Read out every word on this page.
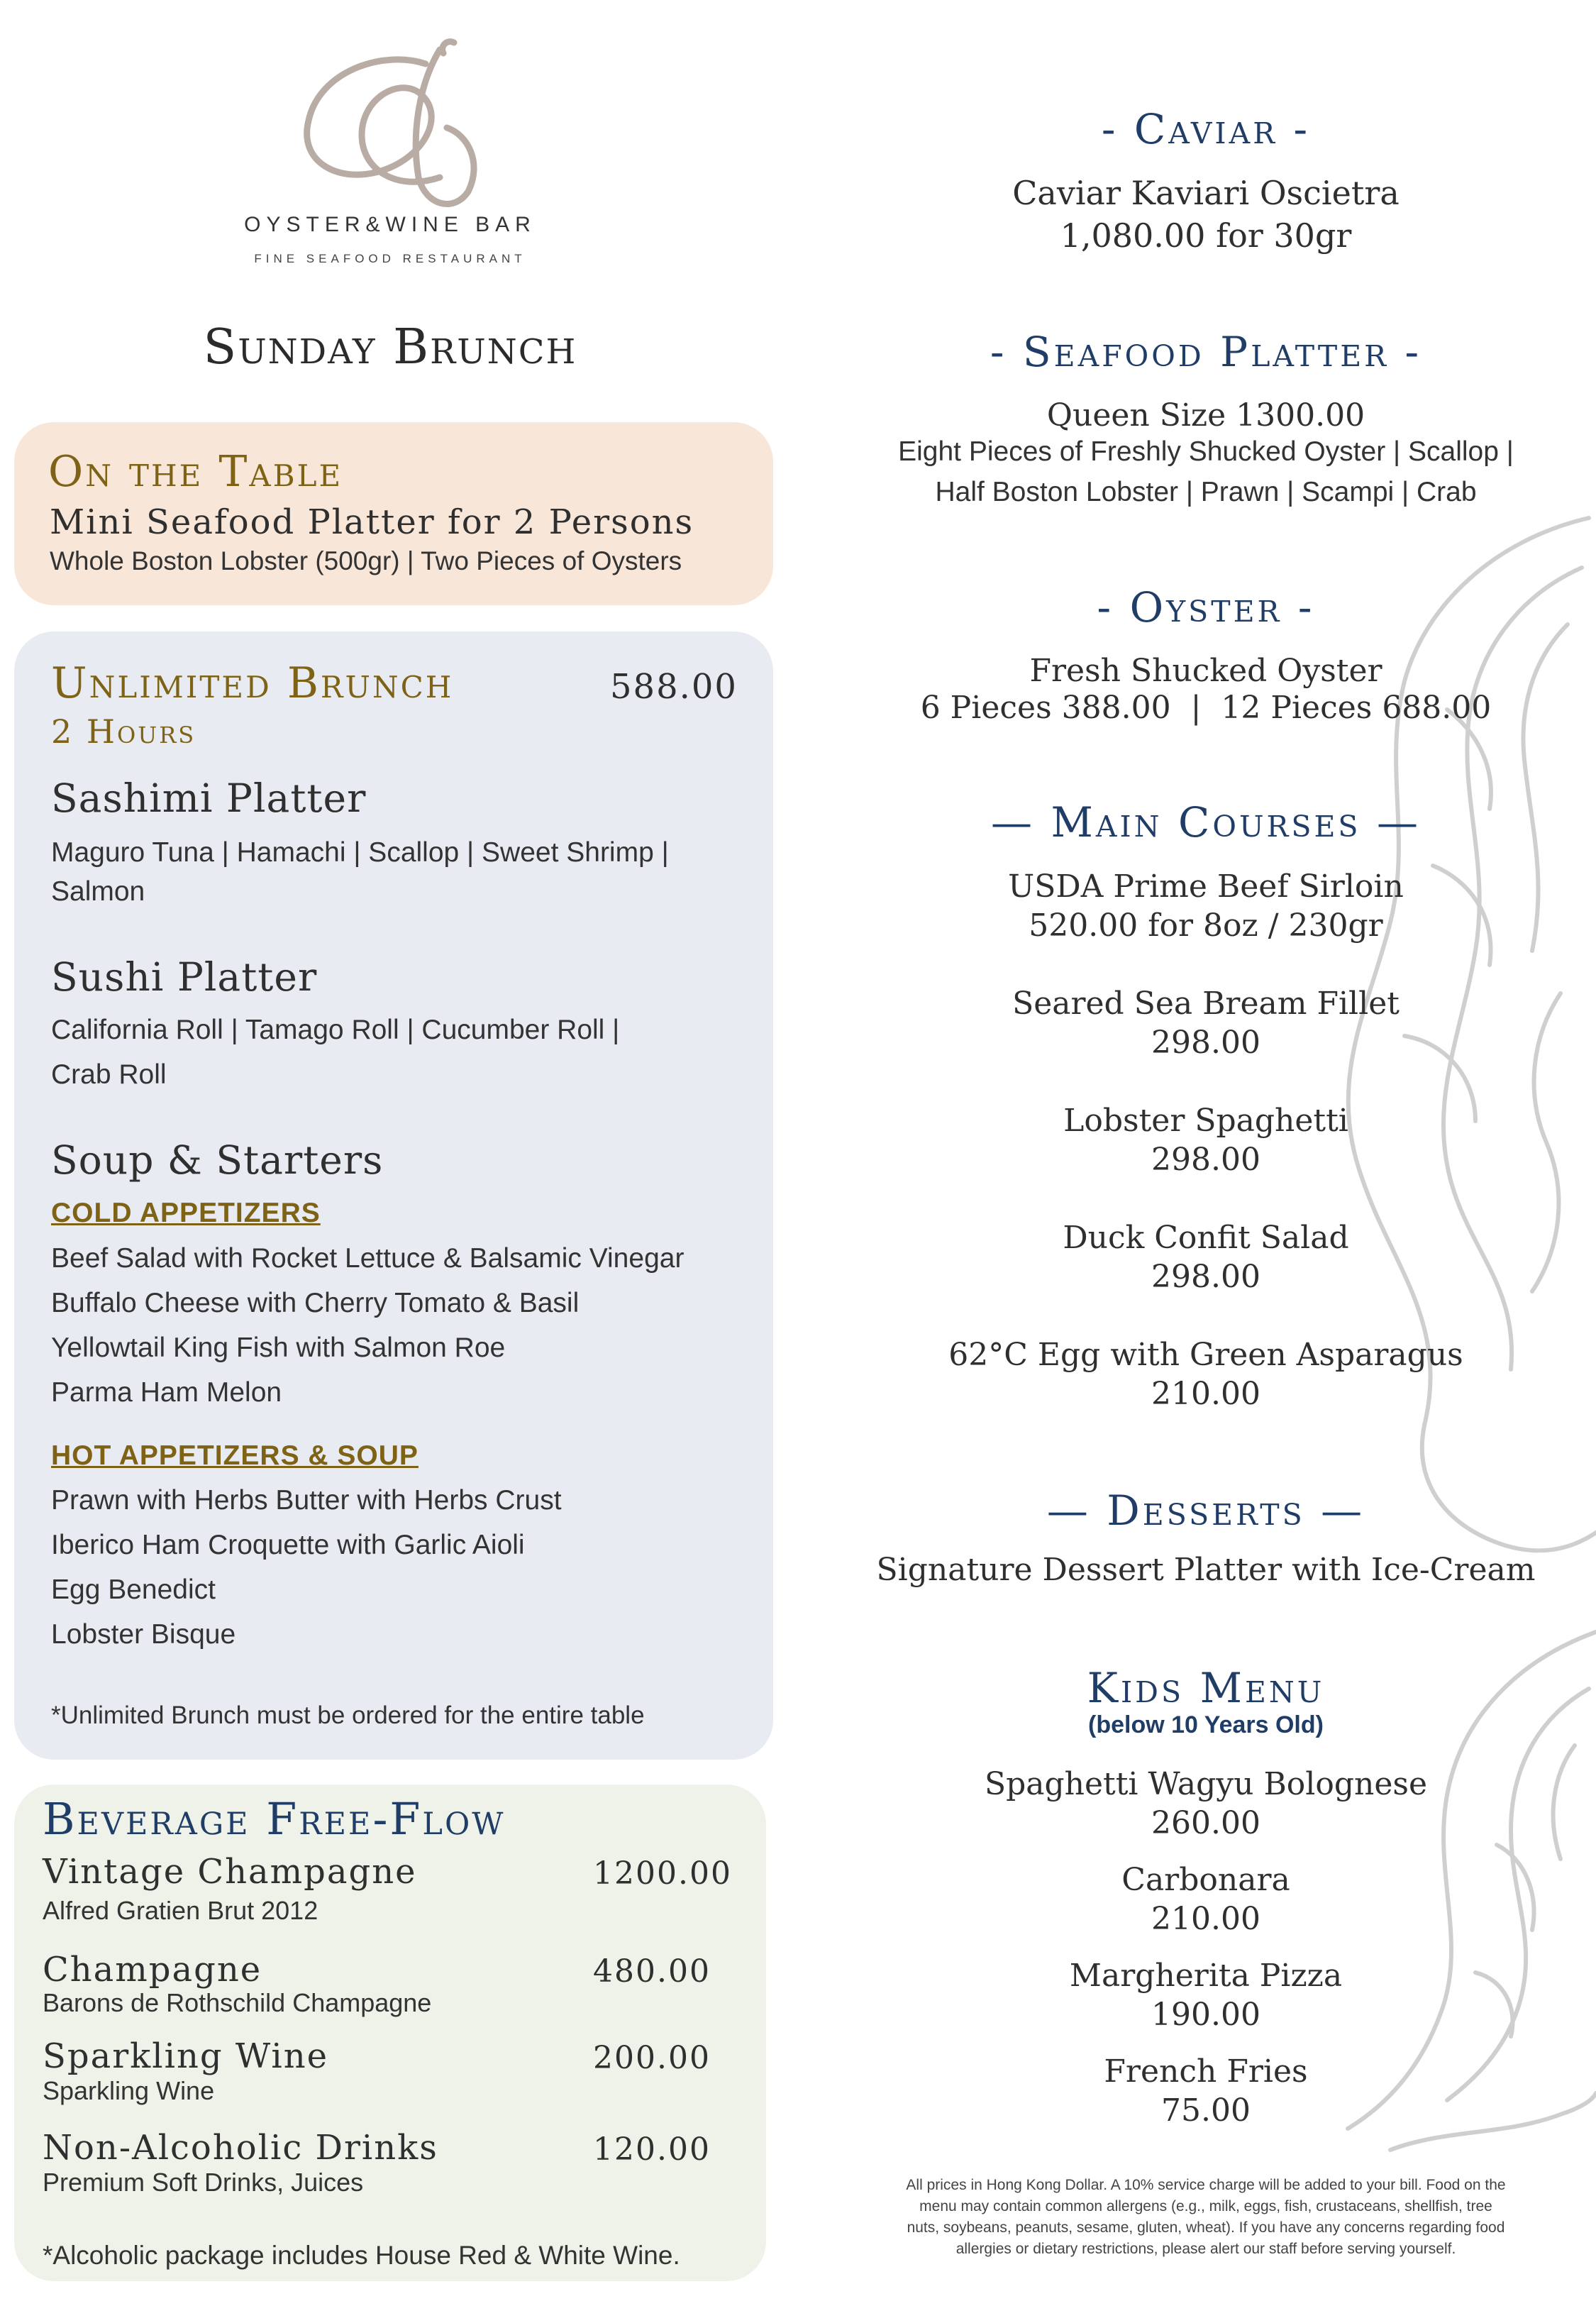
OYSTER&WINE BAR
FINE SEAFOOD RESTAURANT
Sunday Brunch
On the Table
Mini Seafood Platter for 2 Persons
Whole Boston Lobster (500gr) | Two Pieces of Oysters
Unlimited Brunch	588.00
2 Hours
Sashimi Platter
Maguro Tuna | Hamachi | Scallop | Sweet Shrimp |
Salmon
Sushi Platter
California Roll | Tamago Roll | Cucumber Roll |
Crab Roll
Soup & Starters
COLD APPETIZERS
Beef Salad with Rocket Lettuce & Balsamic Vinegar
Buffalo Cheese with Cherry Tomato & Basil
Yellowtail King Fish with Salmon Roe
Parma Ham Melon
HOT APPETIZERS & SOUP
Prawn with Herbs Butter with Herbs Crust
Iberico Ham Croquette with Garlic Aioli
Egg Benedict
Lobster Bisque
*Unlimited Brunch must be ordered for the entire table
Beverage Free-Flow
Vintage Champagne	1200.00
Alfred Gratien Brut 2012
Champagne	480.00
Barons de Rothschild Champagne
Sparkling Wine	200.00
Sparkling Wine
Non-Alcoholic Drinks	120.00
Premium Soft Drinks, Juices
*Alcoholic package includes House Red & White Wine.
- Caviar -
Caviar Kaviari Oscietra
1,080.00 for 30gr
- Seafood Platter -
Queen Size 1300.00
Eight Pieces of Freshly Shucked Oyster | Scallop |
Half Boston Lobster | Prawn | Scampi | Crab
- Oyster -
Fresh Shucked Oyster
6 Pieces 388.00  |  12 Pieces 688.00
— Main Courses —
USDA Prime Beef Sirloin
520.00 for 8oz / 230gr
Seared Sea Bream Fillet
298.00
Lobster Spaghetti
298.00
Duck Confit Salad
298.00
62°C Egg with Green Asparagus
210.00
— Desserts —
Signature Dessert Platter with Ice-Cream
Kids Menu
(below 10 Years Old)
Spaghetti Wagyu Bolognese
260.00
Carbonara
210.00
Margherita Pizza
190.00
French Fries
75.00
All prices in Hong Kong Dollar. A 10% service charge will be added to your bill. Food on the
menu may contain common allergens (e.g., milk, eggs, fish, crustaceans, shellfish, tree
nuts, soybeans, peanuts, sesame, gluten, wheat). If you have any concerns regarding food
allergies or dietary restrictions, please alert our staff before serving yourself.
